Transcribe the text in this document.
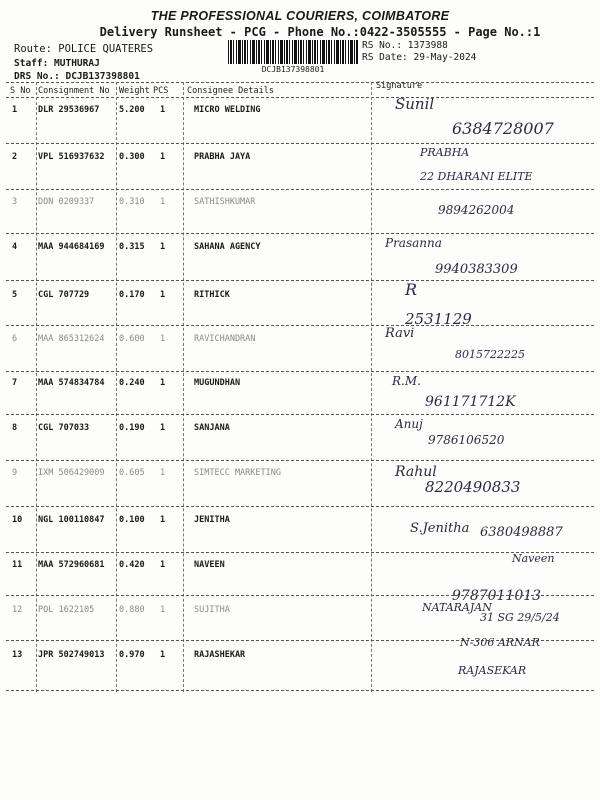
THE PROFESSIONAL COURIERS, COIMBATORE
Delivery Runsheet - PCG - Phone No.:0422-3505555 - Page No.:1
Route: POLICE QUATERES
Staff: MUTHURAJ
DRS No.: DCJB137398801
DCJB137398801
RS No.: 1373988
RS Date: 29-May-2024
S No Consignment No Weight PCS Consignee Details	Signature
1 DLR 29536967 5.200 1	MICRO WELDING	Sunil
6384728007
2 VPL 516937632 0.300 1	PRABHA JAYA	PRABHA
22 DHARANI ELITE
3 DON 0209337	0.310 1	SATHISHKUMAR
9894262004
4 MAA 944684169 0.315 1	SAHANA AGENCY	Prasanna
9940383309
5 CGL 707729	0.170 1	RITHICK	R
2531129
6 MAA 865312624 0.600 1	RAVICHANDRAN	Ravi
8015722225
7 MAA 574834784 0.240 1	MUGUNDHAN	R.M.
961171712K
8 CGL 707033	0.190 1	SANJANA	Anuj
9786106520
9 IXM 506429009 0.605 1	SIMTECC MARKETING	Rahul
8220490833
10 NGL 100110847 0.100 1	JENITHA
S.Jenitha 6380498887
11 MAA 572960681 0.420 1	NAVEEN	Naveen
9787011013
12 POL 1622105	0.880 1	SUJITHA	NATARAJAN
31 SG 29/5/24
13 JPR 502749013 0.970 1	RAJASHEKAR
N-306 ARNAR
RAJASEKAR
